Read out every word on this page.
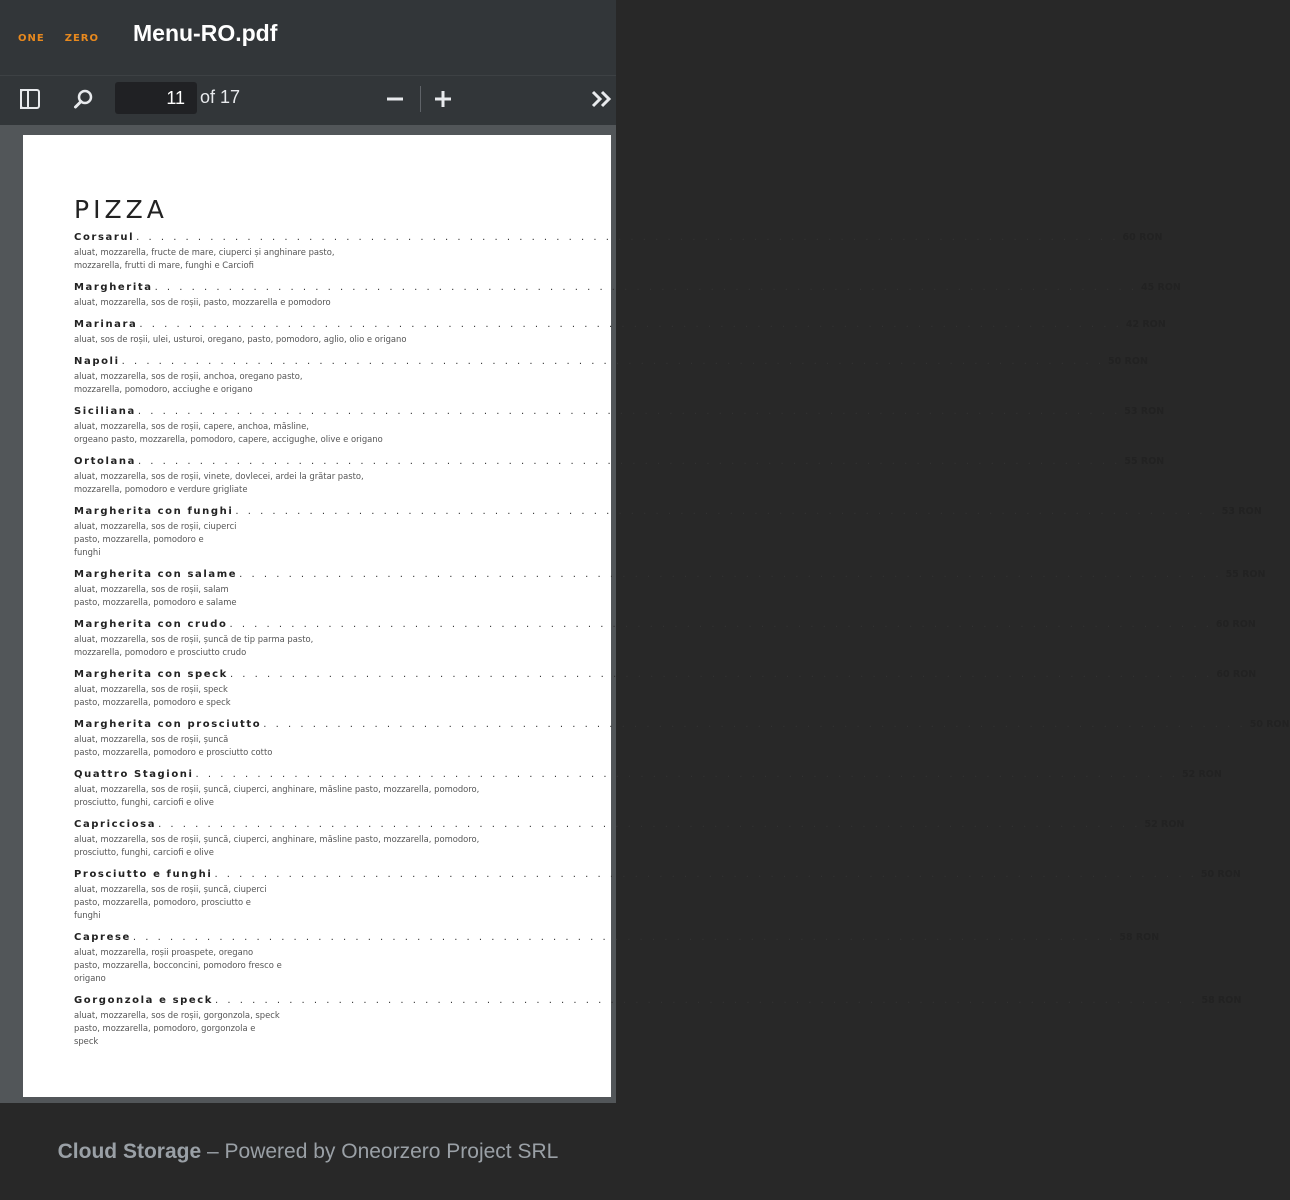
ONE ZERO Menu-RO.pdf
11 of 17
PIZZA
Corsarul . . . . . . . . . . . . . . . . . . . . . . . . . . . . . . . . . . . . . . . . . . . . . . . . . . . . . . . . . . . . . . . . . . . . . . . . . . . . . . . . 60 RON
aluat, mozzarella, fructe de mare, ciuperci și anghinare pasto,
mozzarella, frutti di mare, funghi e Carciofi
Margherita . . . . . . . . . . . . . . . . . . . . . . . . . . . . . . . . . . . . . . . . . . . . . . . . . . . . . . . . . . . . . . . . . . . . . . . . . . . . . . . . 45 RON
aluat, mozzarella, sos de roșii, pasto, mozzarella e pomodoro
Marinara . . . . . . . . . . . . . . . . . . . . . . . . . . . . . . . . . . . . . . . . . . . . . . . . . . . . . . . . . . . . . . . . . . . . . . . . . . . . . . . . 42 RON
aluat, sos de roșii, ulei, usturoi, oregano, pasto, pomodoro, aglio, olio e origano
Napoli . . . . . . . . . . . . . . . . . . . . . . . . . . . . . . . . . . . . . . . . . . . . . . . . . . . . . . . . . . . . . . . . . . . . . . . . . . . . . . . . 50 RON
aluat, mozzarella, sos de roșii, anchoa, oregano pasto,
mozzarella, pomodoro, acciughe e origano
Siciliana . . . . . . . . . . . . . . . . . . . . . . . . . . . . . . . . . . . . . . . . . . . . . . . . . . . . . . . . . . . . . . . . . . . . . . . . . . . . . . . . 53 RON
aluat, mozzarella, sos de roșii, capere, anchoa, măsline,
orgeano pasto, mozzarella, pomodoro, capere, accigughe, olive e origano
Ortolana . . . . . . . . . . . . . . . . . . . . . . . . . . . . . . . . . . . . . . . . . . . . . . . . . . . . . . . . . . . . . . . . . . . . . . . . . . . . . . . . 55 RON
aluat, mozzarella, sos de roșii, vinete, dovlecei, ardei la grătar pasto,
mozzarella, pomodoro e verdure grigliate
Margherita con funghi . . . . . . . . . . . . . . . . . . . . . . . . . . . . . . . . . . . . . . . . . . . . . . . . . . . . . . . . . . . . . . . . . . . . . . . . . . . . . . . . 53 RON
aluat, mozzarella, sos de roșii, ciuperci
pasto, mozzarella, pomodoro e
funghi
Margherita con salame . . . . . . . . . . . . . . . . . . . . . . . . . . . . . . . . . . . . . . . . . . . . . . . . . . . . . . . . . . . . . . . . . . . . . . . . . . . . . . . . 55 RON
aluat, mozzarella, sos de roșii, salam
pasto, mozzarella, pomodoro e salame
Margherita con crudo . . . . . . . . . . . . . . . . . . . . . . . . . . . . . . . . . . . . . . . . . . . . . . . . . . . . . . . . . . . . . . . . . . . . . . . . . . . . . . . . 60 RON
aluat, mozzarella, sos de roșii, șuncă de tip parma pasto,
mozzarella, pomodoro e prosciutto crudo
Margherita con speck . . . . . . . . . . . . . . . . . . . . . . . . . . . . . . . . . . . . . . . . . . . . . . . . . . . . . . . . . . . . . . . . . . . . . . . . . . . . . . . . 60 RON
aluat, mozzarella, sos de roșii, speck
pasto, mozzarella, pomodoro e speck
Margherita con prosciutto . . . . . . . . . . . . . . . . . . . . . . . . . . . . . . . . . . . . . . . . . . . . . . . . . . . . . . . . . . . . . . . . . . . . . . . . . . . . . . . . 50 RON
aluat, mozzarella, sos de roșii, șuncă
pasto, mozzarella, pomodoro e prosciutto cotto
Quattro Stagioni . . . . . . . . . . . . . . . . . . . . . . . . . . . . . . . . . . . . . . . . . . . . . . . . . . . . . . . . . . . . . . . . . . . . . . . . . . . . . . . . 52 RON
aluat, mozzarella, sos de roșii, șuncă, ciuperci, anghinare, măsline pasto, mozzarella, pomodoro,
prosciutto, funghi, carciofi e olive
Capricciosa . . . . . . . . . . . . . . . . . . . . . . . . . . . . . . . . . . . . . . . . . . . . . . . . . . . . . . . . . . . . . . . . . . . . . . . . . . . . . . . . 52 RON
aluat, mozzarella, sos de roșii, șuncă, ciuperci, anghinare, măsline pasto, mozzarella, pomodoro,
prosciutto, funghi, carciofi e olive
Prosciutto e funghi . . . . . . . . . . . . . . . . . . . . . . . . . . . . . . . . . . . . . . . . . . . . . . . . . . . . . . . . . . . . . . . . . . . . . . . . . . . . . . . . 50 RON
aluat, mozzarella, sos de roșii, șuncă, ciuperci
pasto, mozzarella, pomodoro, prosciutto e
funghi
Caprese . . . . . . . . . . . . . . . . . . . . . . . . . . . . . . . . . . . . . . . . . . . . . . . . . . . . . . . . . . . . . . . . . . . . . . . . . . . . . . . . 58 RON
aluat, mozzarella, roșii proaspete, oregano
pasto, mozzarella, bocconcini, pomodoro fresco e
origano
Gorgonzola e speck . . . . . . . . . . . . . . . . . . . . . . . . . . . . . . . . . . . . . . . . . . . . . . . . . . . . . . . . . . . . . . . . . . . . . . . . . . . . . . . . 58 RON
aluat, mozzarella, sos de roșii, gorgonzola, speck
pasto, mozzarella, pomodoro, gorgonzola e
speck
Cloud Storage – Powered by Oneorzero Project SRL
